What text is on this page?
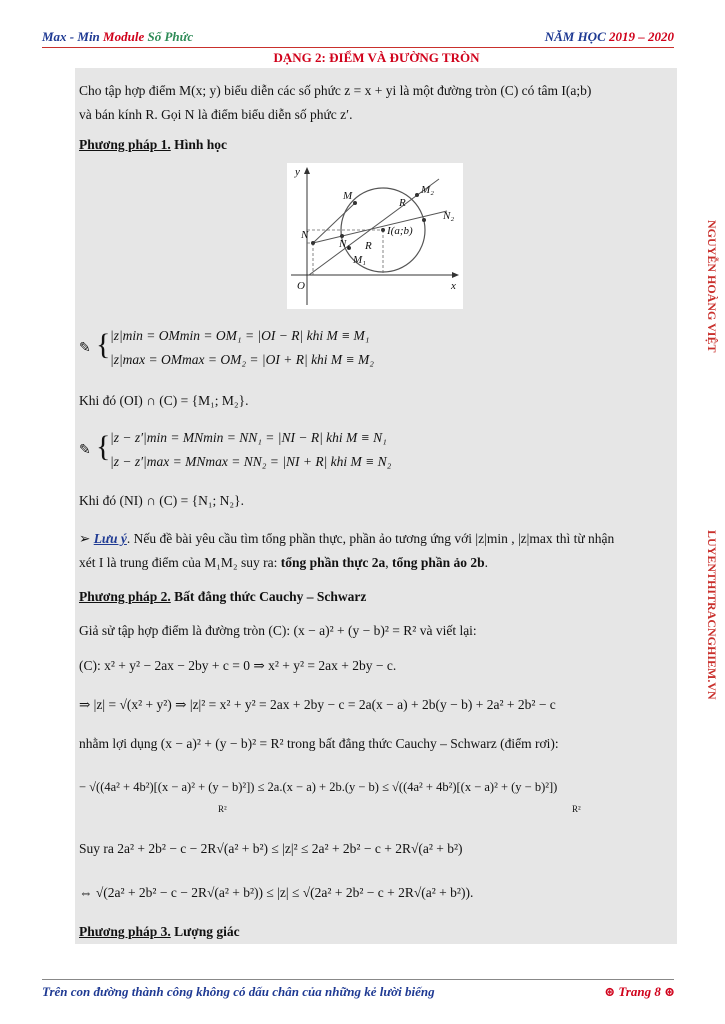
Max - Min Module Số Phức	NĂM HỌC 2019 – 2020
DẠNG 2: ĐIỂM VÀ ĐƯỜNG TRÒN
NGUYỄN HOÀNG VIỆT
LUYENTHITRACNGHIEM.VN
Cho tập hợp điểm M(x; y) biểu diễn các số phức z = x + yi là một đường tròn (C) có tâm I(a;b)
và bán kính R. Gọi N là điểm biểu diễn số phức z′.
Phương pháp 1. Hình học
y
x
O
M	M₂
N₂
R
I(a;b)
N
N₁ R
M₁
✎ { |z|min = OMmin = OM₁ = |OI − R| khi M ≡ M₁
|z|max = OMmax = OM₂ = |OI + R| khi M ≡ M₂
Khi đó (OI) ∩ (C) = {M₁; M₂}.
✎ { |z − z′|min = MNmin = NN₁ = |NI − R| khi M ≡ N₁
|z − z′|max = MNmax = NN₂ = |NI + R| khi M ≡ N₂
Khi đó (NI) ∩ (C) = {N₁; N₂}.
➢ Lưu ý. Nếu đề bài yêu cầu tìm tổng phần thực, phần ảo tương ứng với |z|min , |z|max thì từ nhận
xét I là trung điểm của M₁M₂ suy ra: tổng phần thực 2a, tổng phần ảo 2b.
Phương pháp 2. Bất đẳng thức Cauchy – Schwarz
Giả sử tập hợp điểm là đường tròn (C): (x − a)² + (y − b)² = R² và viết lại:
(C): x² + y² − 2ax − 2by + c = 0 ⇒ x² + y² = 2ax + 2by − c.
⇒ |z| = √(x² + y²) ⇒ |z|² = x² + y² = 2ax + 2by − c = 2a(x − a) + 2b(y − b) + 2a² + 2b² − c
nhằm lợi dụng (x − a)² + (y − b)² = R² trong bất đẳng thức Cauchy – Schwarz (điểm rơi):
− √((4a² + 4b²)[(x − a)² + (y − b)²]) ≤ 2a.(x − a) + 2b.(y − b) ≤ √((4a² + 4b²)[(x − a)² + (y − b)²])
R²	R²
Suy ra 2a² + 2b² − c − 2R√(a² + b²) ≤ |z|² ≤ 2a² + 2b² − c + 2R√(a² + b²)
⇔ √(2a² + 2b² − c − 2R√(a² + b²)) ≤ |z| ≤ √(2a² + 2b² − c + 2R√(a² + b²)).
Phương pháp 3. Lượng giác
Trên con đường thành công không có dấu chân của những kẻ lười biếng	⊛ Trang 8 ⊛
